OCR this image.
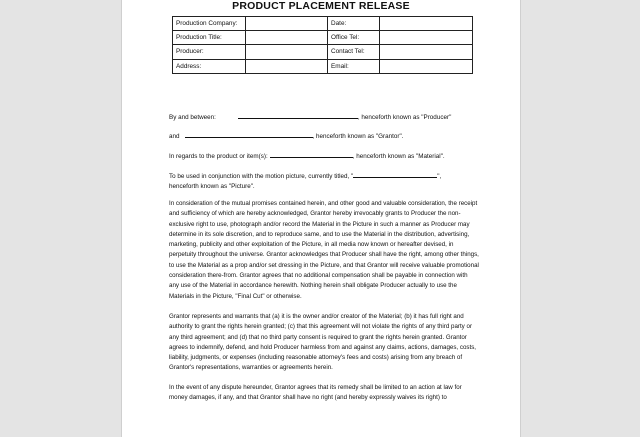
PRODUCT PLACEMENT RELEASE
Production Company:		Date:	
Production Title:		Office Tel:	
Producer:		Contact Tel:	
Address:		Email:	
By and between:	, henceforth known as "Producer"
and	, henceforth known as "Grantor".
In regards to the product or item(s):	, henceforth known as "Material".
To be used in conjunction with the motion picture, currently titled, "	",
henceforth known as "Picture".

In consideration of the mutual promises contained herein, and other good and valuable consideration, the receipt and sufficiency of which are hereby acknowledged, Grantor hereby irrevocably grants to Producer the non-exclusive right to use, photograph and/or record the Material in the Picture in such a manner as Producer may determine in its sole discretion, and to reproduce same, and to use the Material in the distribution, advertising, marketing, publicity and other exploitation of the Picture, in all media now known or hereafter devised, in perpetuity throughout the universe. Grantor acknowledges that Producer shall have the right, among other things, to use the Material as a prop and/or set dressing in the Picture, and that Grantor will receive valuable promotional consideration there-from. Grantor agrees that no additional compensation shall be payable in connection with any use of the Material in accordance herewith. Nothing herein shall obligate Producer actually to use the Materials in the Picture, "Final Cut" or otherwise.

Grantor represents and warrants that (a) it is the owner and/or creator of the Material; (b) it has full right and authority to grant the rights herein granted; (c) that this agreement will not violate the rights of any third party or any third agreement; and (d) that no third party consent is required to grant the rights herein granted. Grantor agrees to indemnify, defend, and hold Producer harmless from and against any claims, actions, damages, costs, liability, judgments, or expenses (including reasonable attorney's fees and costs) arising from any breach of Grantor's representations, warranties or agreements herein.

In the event of any dispute hereunder, Grantor agrees that its remedy shall be limited to an action at law for money damages, if any, and that Grantor shall have no right (and hereby expressly waives its right) to
